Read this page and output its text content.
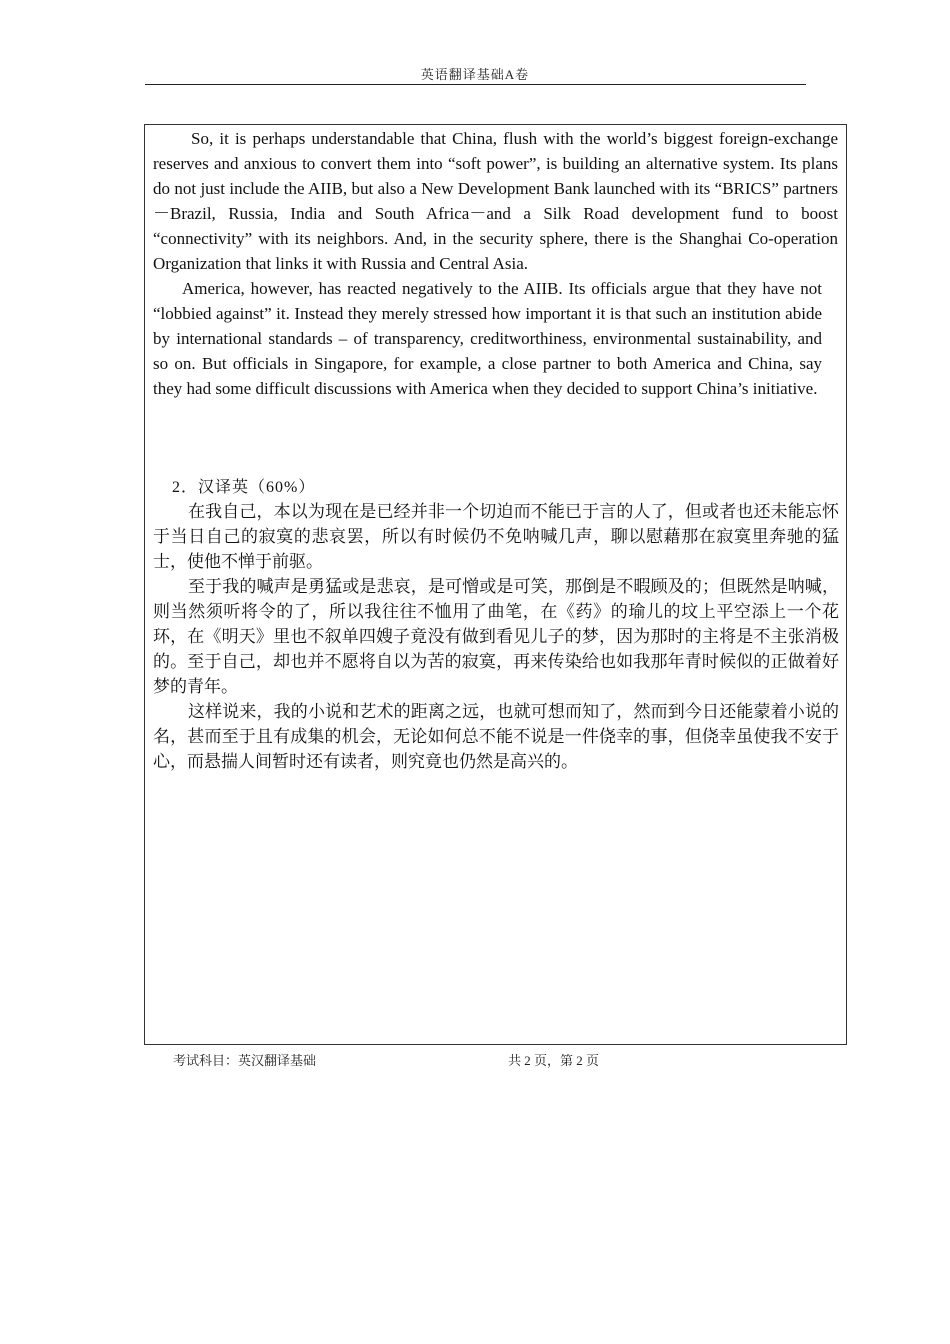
英语翻译基础A卷

So, it is perhaps understandable that China, flush with the world’s biggest foreign-exchange reserves and anxious to convert them into “soft power”, is building an alternative system. Its plans do not just include the AIIB, but also a New Development Bank launched with its “BRICS” partners－Brazil, Russia, India and South Africa－and a Silk Road development fund to boost “connectivity” with its neighbors. And, in the security sphere, there is the Shanghai Co-operation Organization that links it with Russia and Central Asia.

America, however, has reacted negatively to the AIIB. Its officials argue that they have not “lobbied against” it. Instead they merely stressed how important it is that such an institution abide by international standards – of transparency, creditworthiness, environmental sustainability, and so on. But officials in Singapore, for example, a close partner to both America and China, say they had some difficult discussions with America when they decided to support China’s initiative.

2．汉译英（60%）

在我自己，本以为现在是已经并非一个切迫而不能已于言的人了，但或者也还未能忘怀于当日自己的寂寞的悲哀罢，所以有时候仍不免呐喊几声，聊以慰藉那在寂寞里奔驰的猛士，使他不惮于前驱。

至于我的喊声是勇猛或是悲哀，是可憎或是可笑，那倒是不暇顾及的；但既然是呐喊，则当然须听将令的了，所以我往往不恤用了曲笔，在《药》的瑜儿的坟上平空添上一个花环，在《明天》里也不叙单四嫂子竟没有做到看见儿子的梦，因为那时的主将是不主张消极的。至于自己，却也并不愿将自以为苦的寂寞，再来传染给也如我那年青时候似的正做着好梦的青年。

这样说来，我的小说和艺术的距离之远，也就可想而知了，然而到今日还能蒙着小说的名，甚而至于且有成集的机会，无论如何总不能不说是一件侥幸的事，但侥幸虽使我不安于心，而悬揣人间暂时还有读者，则究竟也仍然是高兴的。

考试科目：英汉翻译基础	共 2 页，第 2 页
